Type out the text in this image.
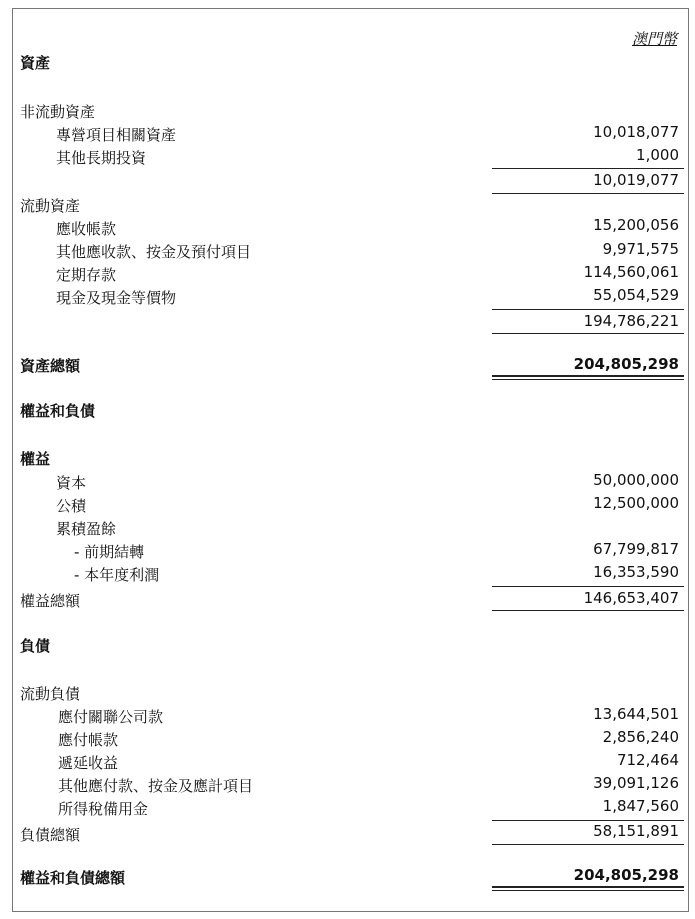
澳門幣
資產
非流動資產
專營項目相關資產	10,018,077
其他長期投資	1,000
10,019,077
流動資產
應收帳款	15,200,056
其他應收款、按金及預付項目	9,971,575
定期存款	114,560,061
現金及現金等價物	55,054,529
194,786,221
資產總額	204,805,298
權益和負債
權益
資本	50,000,000
公積	12,500,000
累積盈餘
- 前期結轉	67,799,817
- 本年度利潤	16,353,590
權益總額	146,653,407
負債
流動負債
應付關聯公司款	13,644,501
應付帳款	2,856,240
遞延收益	712,464
其他應付款、按金及應計項目	39,091,126
所得稅備用金	1,847,560
負債總額	58,151,891
權益和負債總額	204,805,298
